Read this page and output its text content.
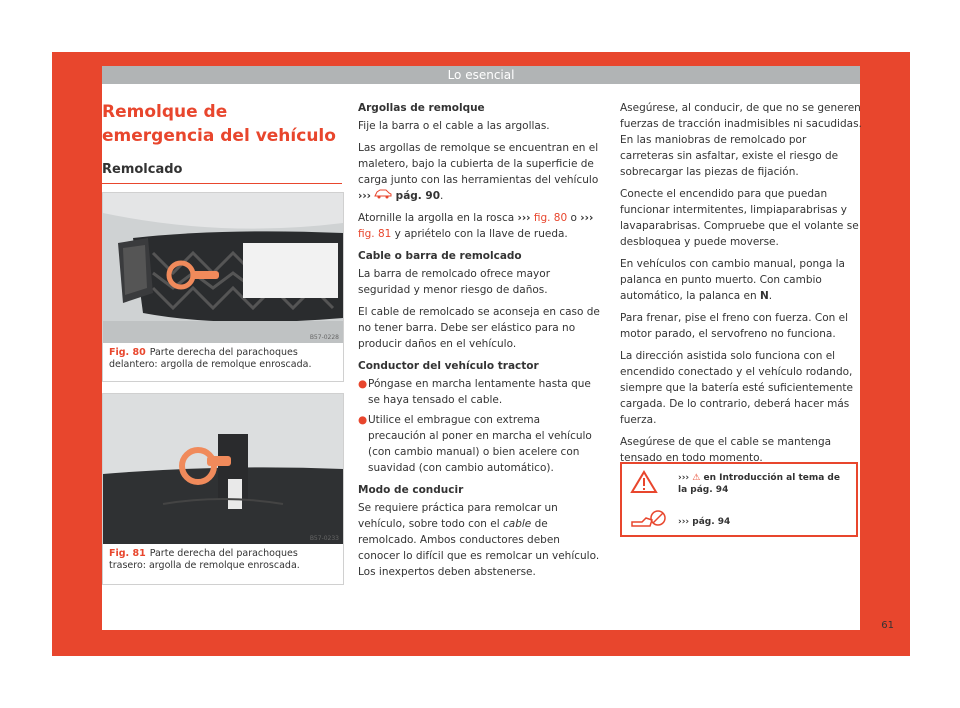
Lo esencial
Remolque de emergencia del vehículo
Remolcado
B57-0228
Fig. 80 Parte derecha del parachoques delantero: argolla de remolque enroscada.
B57-0233
Fig. 81 Parte derecha del parachoques trasero: argolla de remolque enroscada.
Argollas de remolque

Fije la barra o el cable a las argollas.

Las argollas de remolque se encuentran en el maletero, bajo la cubierta de la superficie de carga junto con las herramientas del vehículo ››› pág. 90.

Atornille la argolla en la rosca ››› fig. 80 o ››› fig. 81 y apriételo con la llave de rueda.

Cable o barra de remolcado

La barra de remolcado ofrece mayor seguridad y menor riesgo de daños.

El cable de remolcado se aconseja en caso de no tener barra. Debe ser elástico para no producir daños en el vehículo.

Conductor del vehículo tractor
● Póngase en marcha lentamente hasta que se haya tensado el cable.
● Utilice el embrague con extrema precaución al poner en marcha el vehículo (con cambio manual) o bien acelere con suavidad (con cambio automático).
Modo de conducir

Se requiere práctica para remolcar un vehículo, sobre todo con el cable de remolcado. Ambos conductores deben conocer lo difícil que es remolcar un vehículo. Los inexpertos deben abstenerse.

Asegúrese, al conducir, de que no se generen fuerzas de tracción inadmisibles ni sacudidas. En las maniobras de remolcado por carreteras sin asfaltar, existe el riesgo de sobrecargar las piezas de fijación.

Conecte el encendido para que puedan funcionar intermitentes, limpiaparabrisas y lavaparabrisas. Compruebe que el volante se desbloquea y puede moverse.

En vehículos con cambio manual, ponga la palanca en punto muerto. Con cambio automático, la palanca en N.

Para frenar, pise el freno con fuerza. Con el motor parado, el servofreno no funciona.

La dirección asistida solo funciona con el encendido conectado y el vehículo rodando, siempre que la batería esté suficientemente cargada. De lo contrario, deberá hacer más fuerza.

Asegúrese de que el cable se mantenga tensado en todo momento.

››› ⚠ en Introducción al tema de la pág. 94
››› pág. 94
61
